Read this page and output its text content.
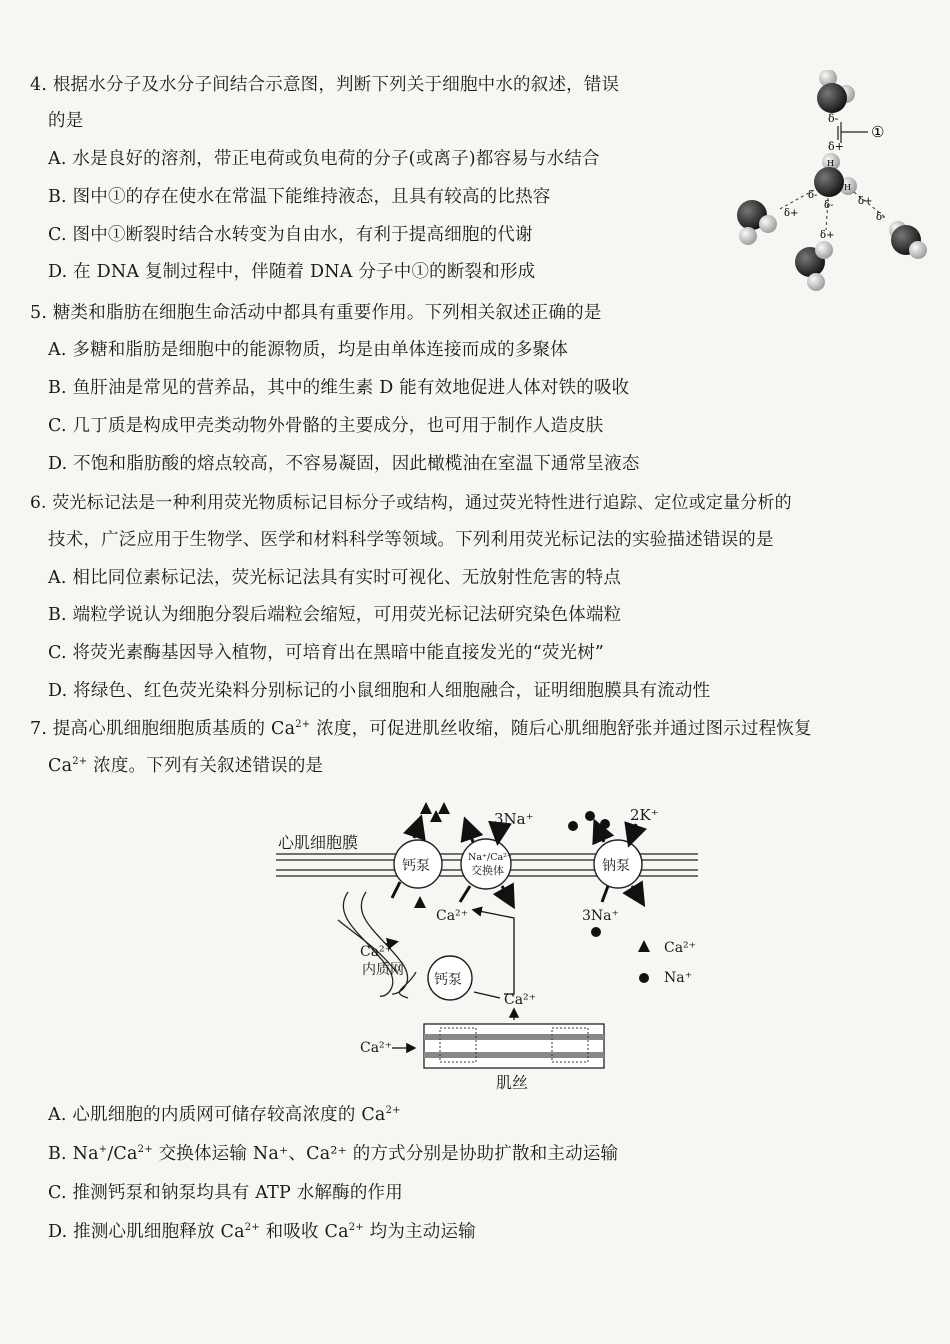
4. 根据水分子及水分子间结合示意图，判断下列关于细胞中水的叙述，错误
的是
A. 水是良好的溶剂，带正电荷或负电荷的分子(或离子)都容易与水结合
B. 图中①的存在使水在常温下能维持液态，且具有较高的比热容
C. 图中①断裂时结合水转变为自由水，有利于提高细胞的代谢
D. 在 DNA 复制过程中，伴随着 DNA 分子中①的断裂和形成
δ-
δ+
①
H
H
δ-
δ-
δ+
δ+
δ+
δ-
5. 糖类和脂肪在细胞生命活动中都具有重要作用。下列相关叙述正确的是
A. 多糖和脂肪是细胞中的能源物质，均是由单体连接而成的多聚体
B. 鱼肝油是常见的营养品，其中的维生素 D 能有效地促进人体对铁的吸收
C. 几丁质是构成甲壳类动物外骨骼的主要成分，也可用于制作人造皮肤
D. 不饱和脂肪酸的熔点较高，不容易凝固，因此橄榄油在室温下通常呈液态
6. 荧光标记法是一种利用荧光物质标记目标分子或结构，通过荧光特性进行追踪、定位或定量分析的
技术，广泛应用于生物学、医学和材料科学等领域。下列利用荧光标记法的实验描述错误的是
A. 相比同位素标记法，荧光标记法具有实时可视化、无放射性危害的特点
B. 端粒学说认为细胞分裂后端粒会缩短，可用荧光标记法研究染色体端粒
C. 将荧光素酶基因导入植物，可培育出在黑暗中能直接发光的“荧光树”
D. 将绿色、红色荧光染料分别标记的小鼠细胞和人细胞融合，证明细胞膜具有流动性
7. 提高心肌细胞细胞质基质的 $Ca^{2+}$ 浓度，可促进肌丝收缩，随后心肌细胞舒张并通过图示过程恢复
$Ca^{2+}$ 浓度。下列有关叙述错误的是
心肌细胞膜
钙泵
Na⁺/Ca²⁺
交换体
3Na⁺
Ca²⁺
钠泵
2K⁺
3Na⁺
钙泵
Ca²⁺
内质网
Ca²⁺
Ca²⁺
肌丝
Ca²⁺
Na⁺
A. 心肌细胞的内质网可储存较高浓度的 $Ca^{2+}$
B. $Na^+/Ca^{2+}$ 交换体运输 Na⁺、Ca²⁺ 的方式分别是协助扩散和主动运输
C. 推测钙泵和钠泵均具有 ATP 水解酶的作用
D. 推测心肌细胞释放 $Ca^{2+}$ 和吸收 $Ca^{2+}$ 均为主动运输
